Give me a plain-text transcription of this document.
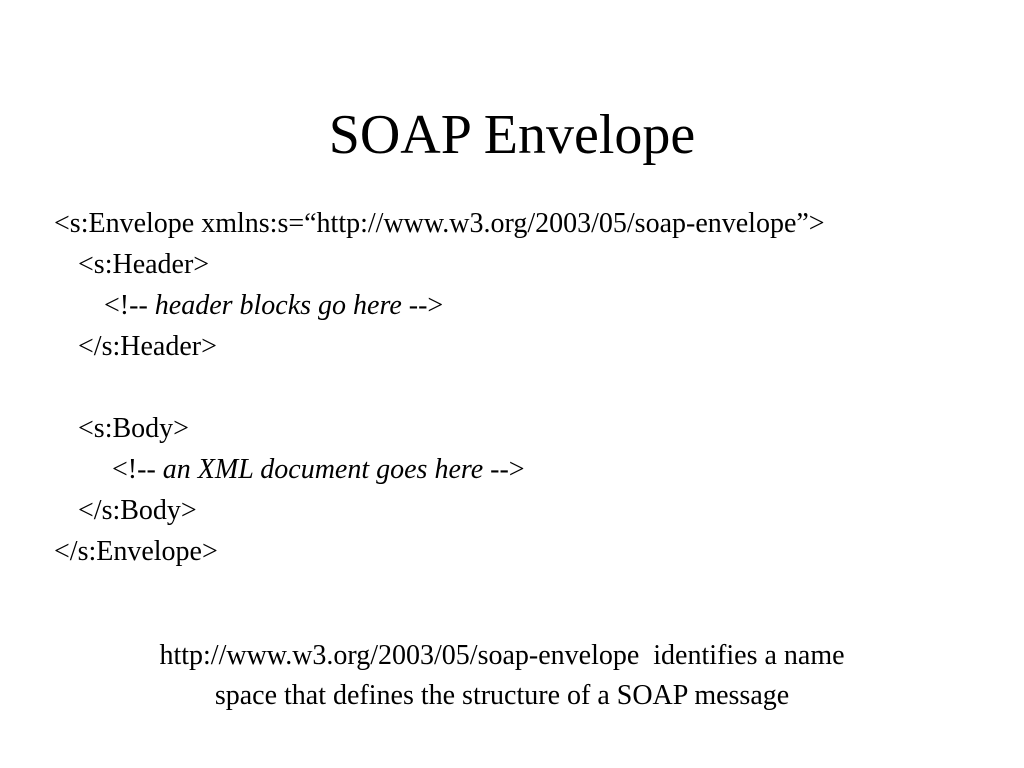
SOAP Envelope
<s:Envelope xmlns:s=“http://www.w3.org/2003/05/soap-envelope”>
<s:Header>
<!-- header blocks go here -->
</s:Header>
<s:Body>
<!-- an XML document goes here -->
</s:Body>
</s:Envelope>
http://www.w3.org/2003/05/soap-envelope  identifies a name
space that defines the structure of a SOAP message
